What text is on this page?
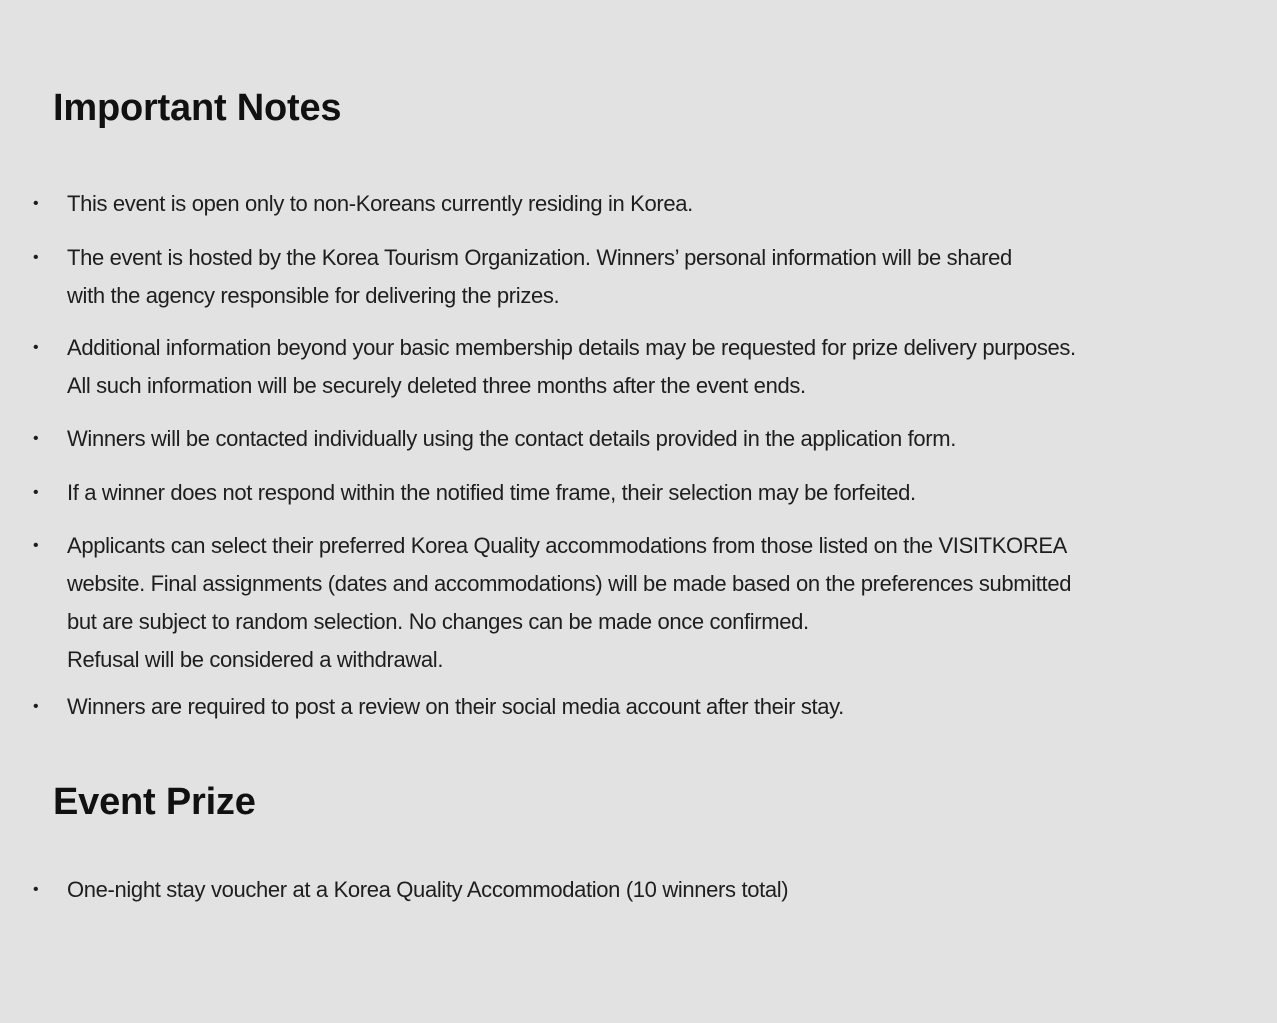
Important Notes
• This event is open only to non-Koreans currently residing in Korea.
• The event is hosted by the Korea Tourism Organization. Winners’ personal information will be shared
with the agency responsible for delivering the prizes.
• Additional information beyond your basic membership details may be requested for prize delivery purposes.
All such information will be securely deleted three months after the event ends.
• Winners will be contacted individually using the contact details provided in the application form.
• If a winner does not respond within the notified time frame, their selection may be forfeited.
• Applicants can select their preferred Korea Quality accommodations from those listed on the VISITKOREA
website. Final assignments (dates and accommodations) will be made based on the preferences submitted
but are subject to random selection. No changes can be made once confirmed.
Refusal will be considered a withdrawal.
• Winners are required to post a review on their social media account after their stay.
Event Prize
• One-night stay voucher at a Korea Quality Accommodation (10 winners total)
